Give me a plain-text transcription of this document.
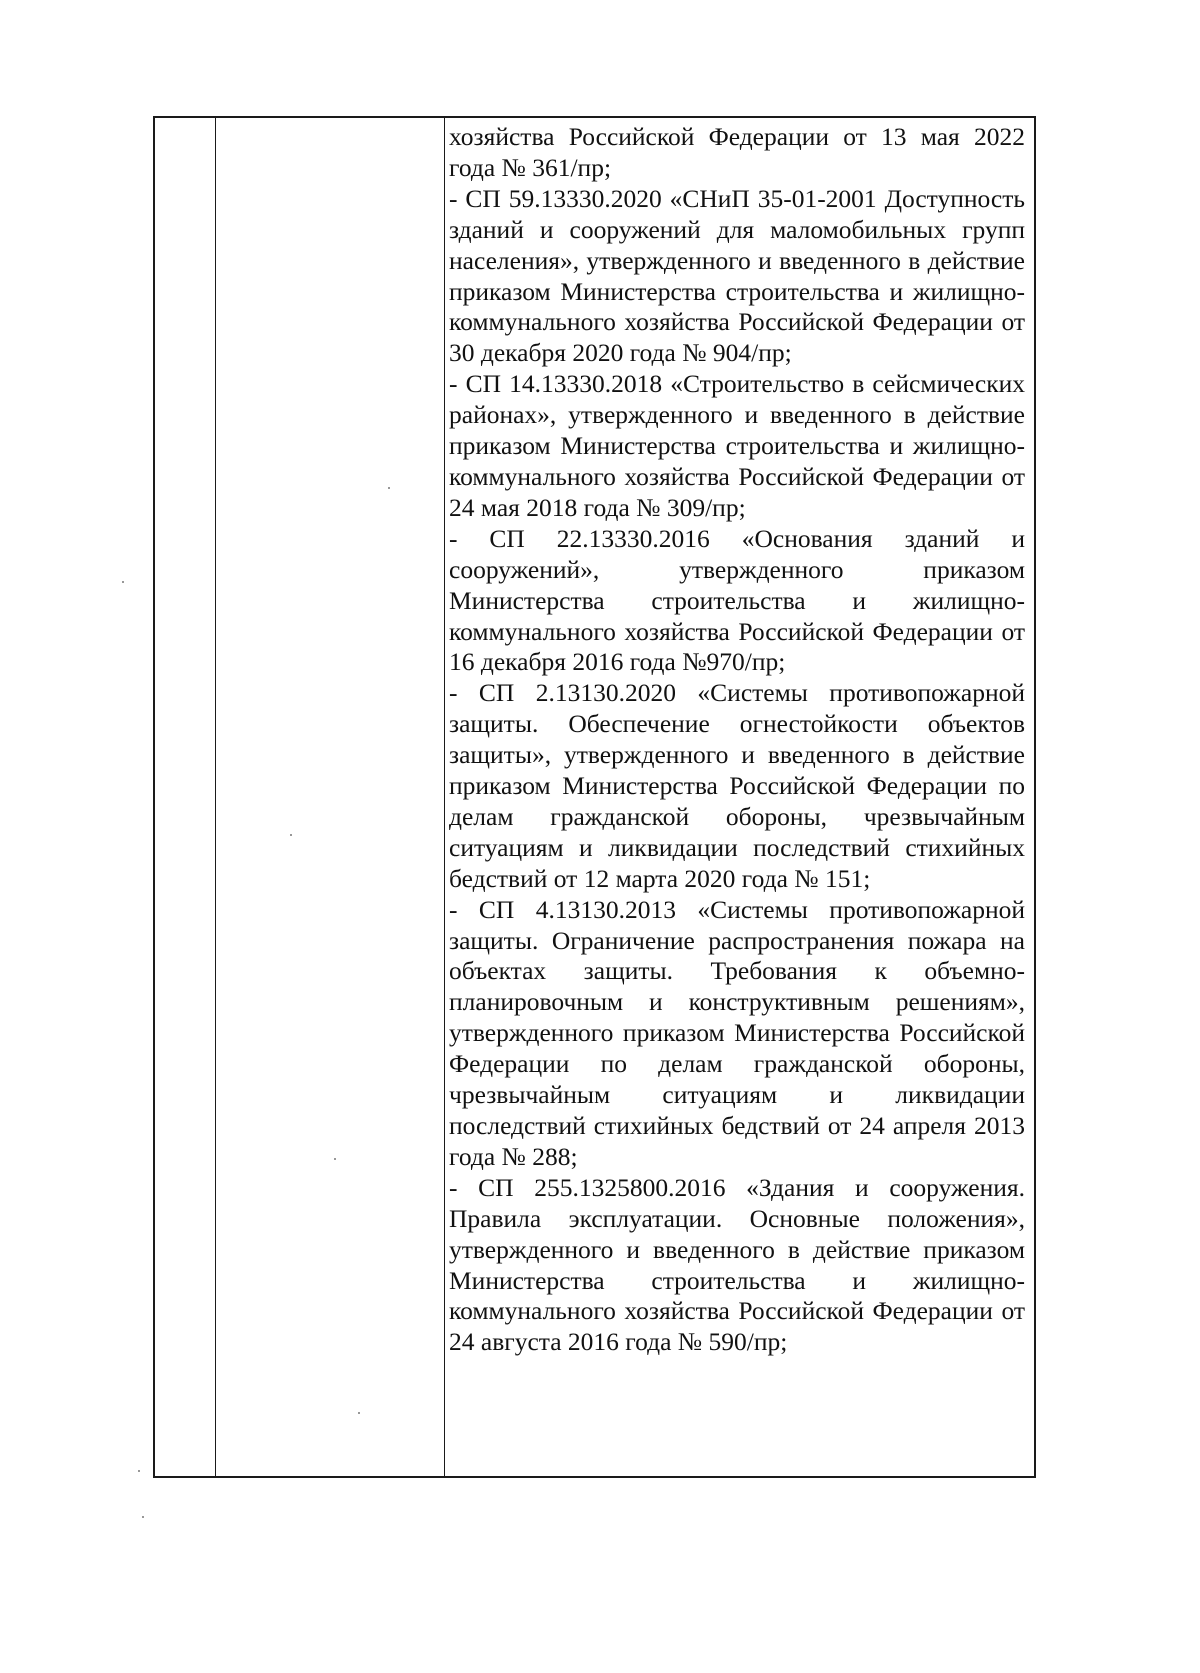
хозяйства Российской Федерации от 13 мая 2022 года № 361/пр;

- СП 59.13330.2020 «СНиП 35-01-2001 Доступность зданий и сооружений для маломобильных групп населения», утвержденного и введенного в действие приказом Министерства строительства и жилищно-коммунального хозяйства Российской Федерации от 30 декабря 2020 года № 904/пр;

- СП 14.13330.2018 «Строительство в сейсмических районах», утвержденного и введенного в действие приказом Министерства строительства и жилищно-коммунального хозяйства Российской Федерации от 24 мая 2018 года № 309/пр;

- СП 22.13330.2016 «Основания зданий и сооружений», утвержденного приказом Министерства строительства и жилищно-коммунального хозяйства Российской Федерации от 16 декабря 2016 года №970/пр;

- СП 2.13130.2020 «Системы противопожарной защиты. Обеспечение огнестойкости объектов защиты», утвержденного и введенного в действие приказом Министерства Российской Федерации по делам гражданской обороны, чрезвычайным ситуациям и ликвидации последствий стихийных бедствий от 12 марта 2020 года № 151;

- СП 4.13130.2013 «Системы противопожарной защиты. Ограничение распространения пожара на объектах защиты. Требования к объемно-планировочным и конструктивным решениям», утвержденного приказом Министерства Российской Федерации по делам гражданской обороны, чрезвычайным ситуациям и ликвидации последствий стихийных бедствий от 24 апреля 2013 года № 288;

- СП 255.1325800.2016 «Здания и сооружения. Правила эксплуатации. Основные положения», утвержденного и введенного в действие приказом Министерства строительства и жилищно-коммунального хозяйства Российской Федерации от 24 августа 2016 года № 590/пр;
